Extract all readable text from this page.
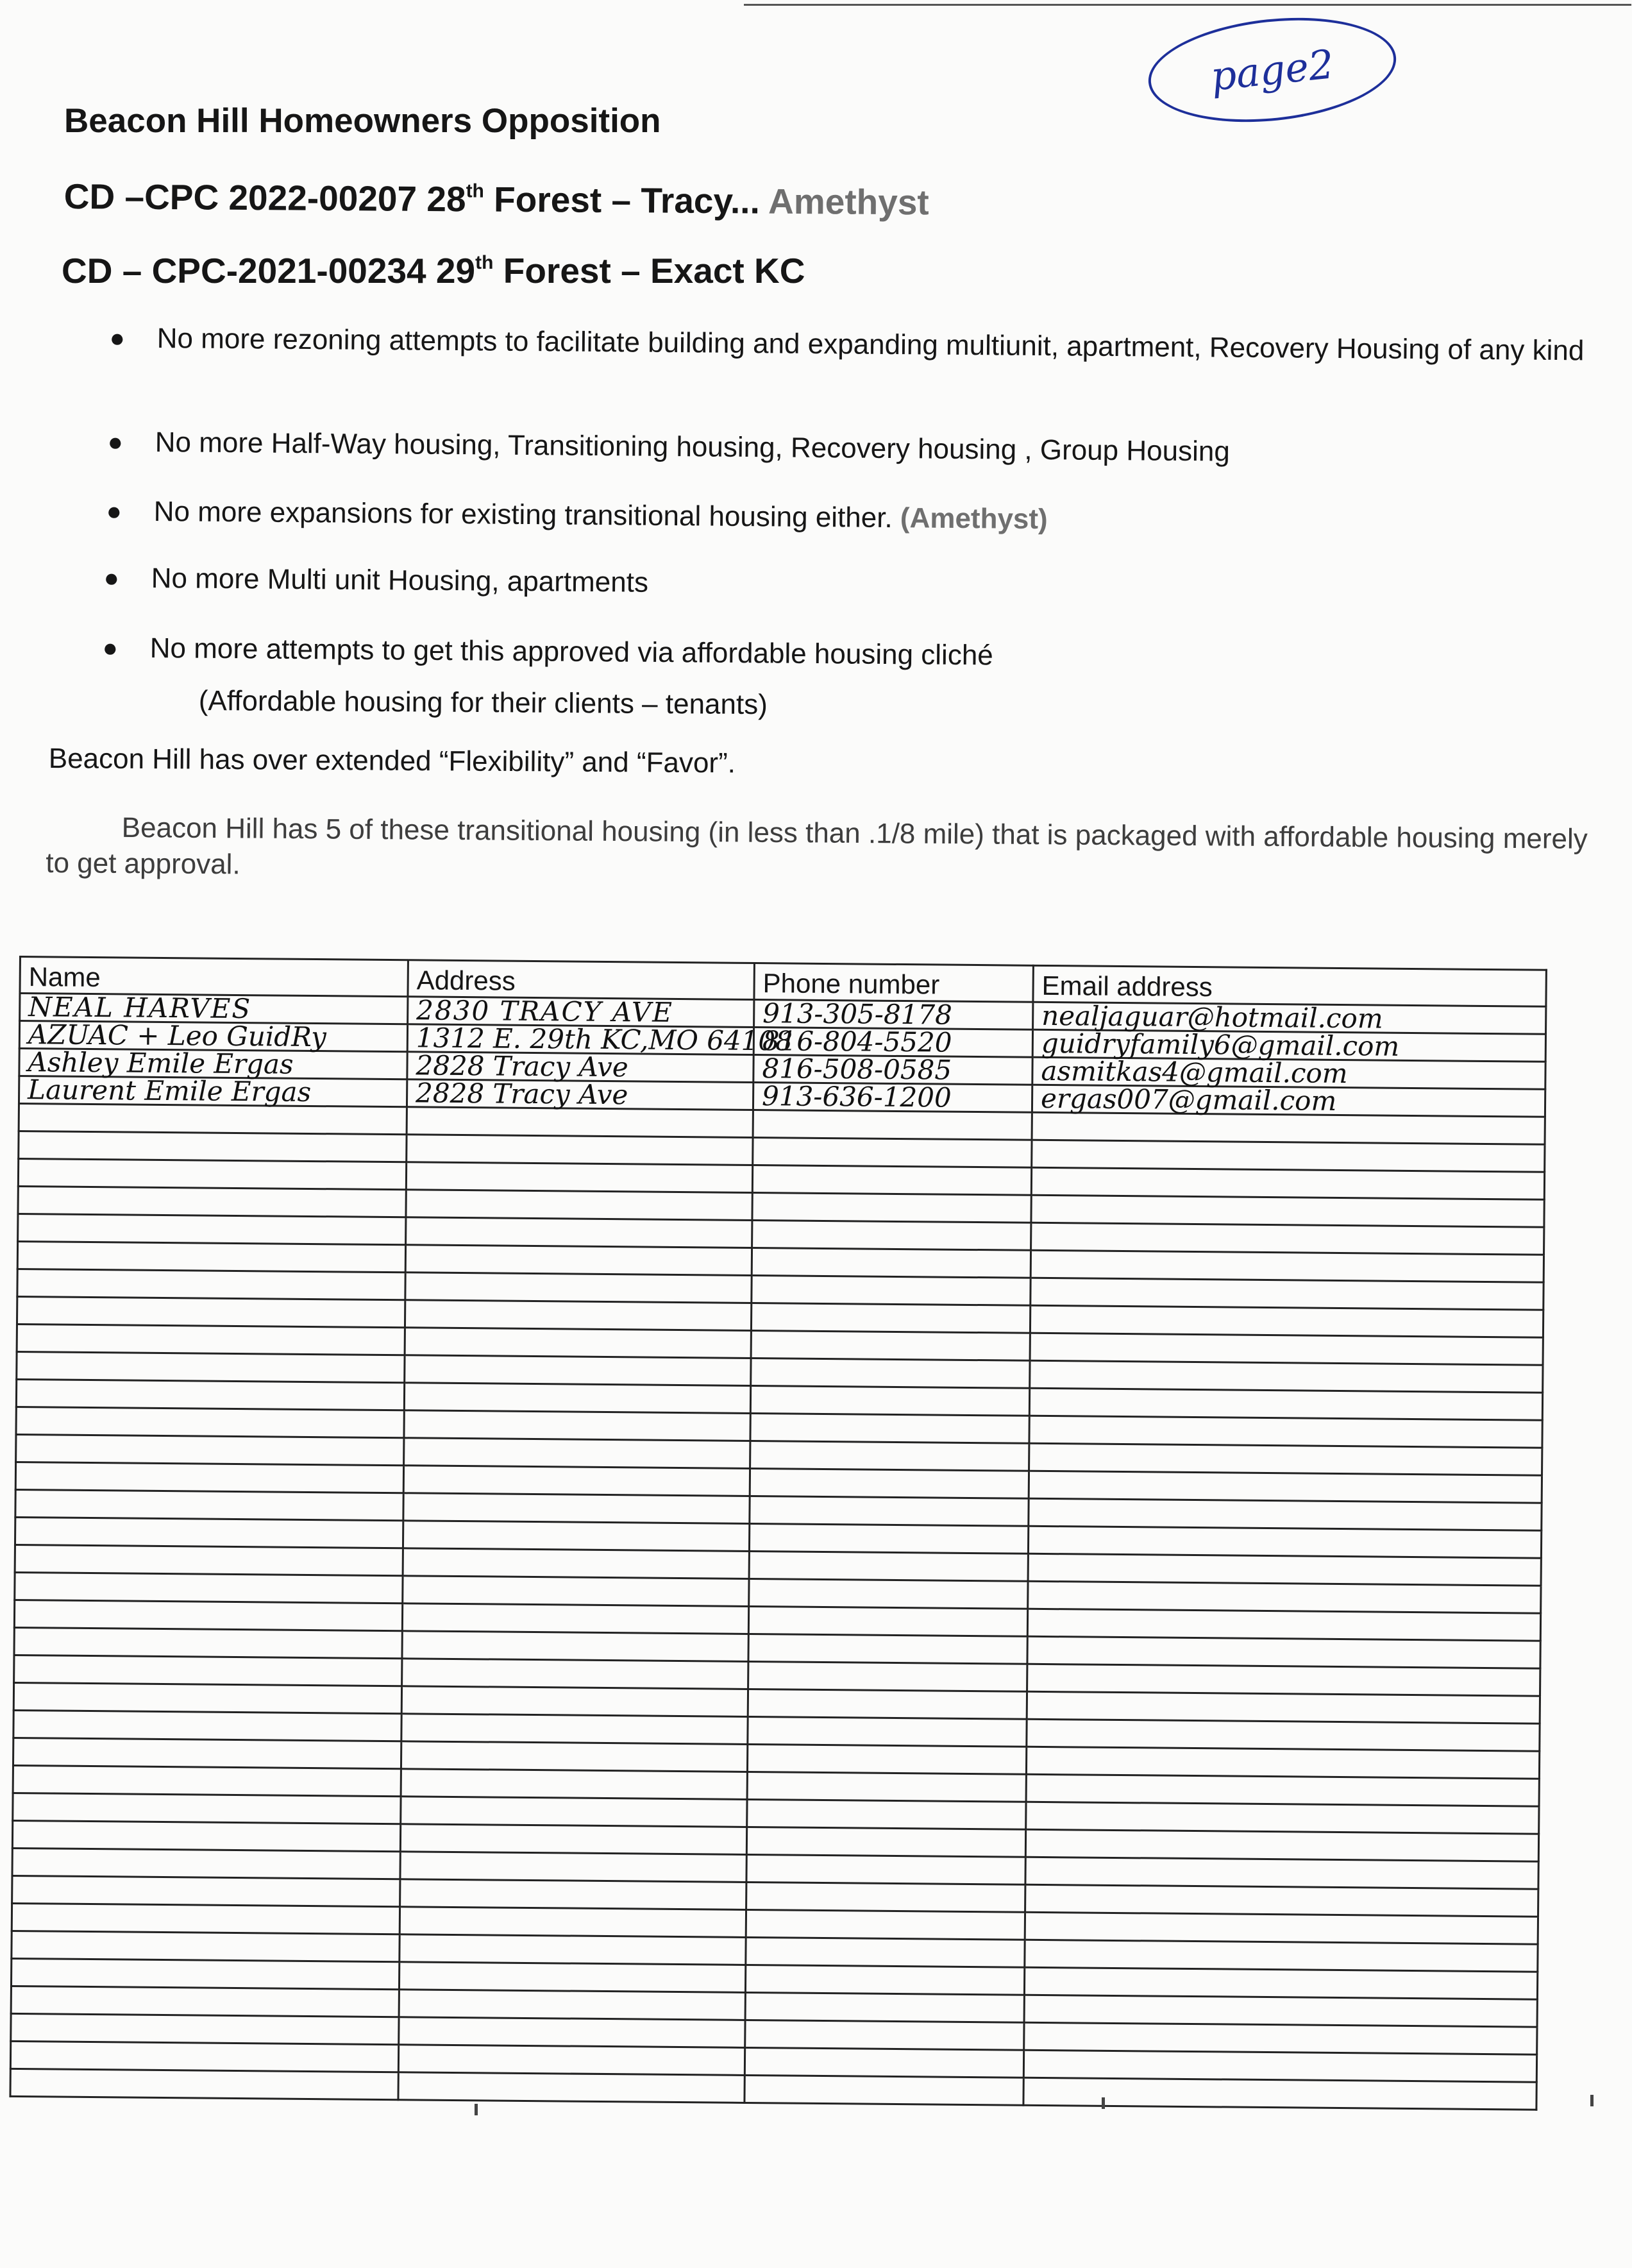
page2
Beacon Hill Homeowners Opposition
CD –CPC 2022-00207 28th Forest – Tracy... Amethyst
CD – CPC-2021-00234 29th Forest – Exact KC
● No more rezoning attempts to facilitate building and expanding multiunit, apartment, Recovery Housing of any kind
● No more Half-Way housing, Transitioning housing, Recovery housing , Group Housing
● No more expansions for existing transitional housing either. (Amethyst)
● No more Multi unit Housing, apartments
● No more attempts to get this approved via affordable housing cliché
(Affordable housing for their clients – tenants)
Beacon Hill has over extended “Flexibility” and “Favor”.
Beacon Hill has 5 of these transitional housing (in less than .1/8 mile) that is packaged with affordable housing merely to get approval.
Name	Address	Phone number	Email address
NEAL HARVES	2830 TRACY AVE	913-305-8178	nealjaguar@hotmail.com
AZUAC + Leo GuidRy	1312 E. 29th KC,MO 64108	816-804-5520	guidryfamily6@gmail.com
Ashley Emile Ergas	2828 Tracy Ave	816-508-0585	asmitkas4@gmail.com
Laurent Emile Ergas	2828 Tracy Ave	913-636-1200	ergas007@gmail.com
